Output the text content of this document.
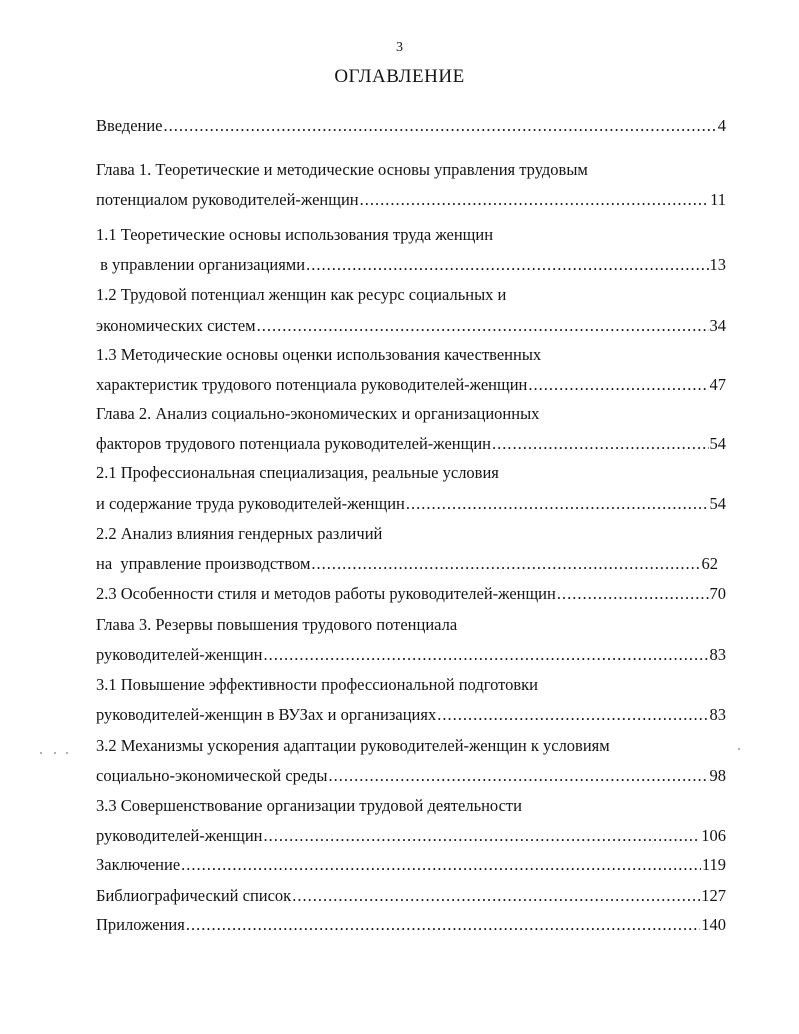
3
ОГЛАВЛЕНИЕ
Введение .....	4
Глава 1. Теоретические и методические основы управления трудовым
потенциалом руководителей-женщин .....	11
1.1 Теоретические основы использования труда женщин
в управлении организациями .....	13
1.2 Трудовой потенциал женщин как ресурс социальных и
экономических систем .....	34
1.3 Методические основы оценки использования качественных
характеристик трудового потенциала руководителей-женщин .....	47
Глава 2. Анализ социально-экономических и организационных
факторов трудового потенциала руководителей-женщин .....	54
2.1 Профессиональная специализация, реальные условия
и содержание труда руководителей-женщин .....	54
2.2 Анализ влияния гендерных различий
на  управление производством .....	62
2.3 Особенности стиля и методов работы руководителей-женщин .....	70
Глава 3. Резервы повышения трудового потенциала
руководителей-женщин .....	83
3.1 Повышение эффективности профессиональной подготовки
руководителей-женщин в ВУЗах и организациях .....	83
3.2 Механизмы ускорения адаптации руководителей-женщин к условиям
социально-экономической среды .....	98
3.3 Совершенствование организации трудовой деятельности
руководителей-женщин .....	106
Заключение .....	119
Библиографический список .....	127
Приложения .....	140
